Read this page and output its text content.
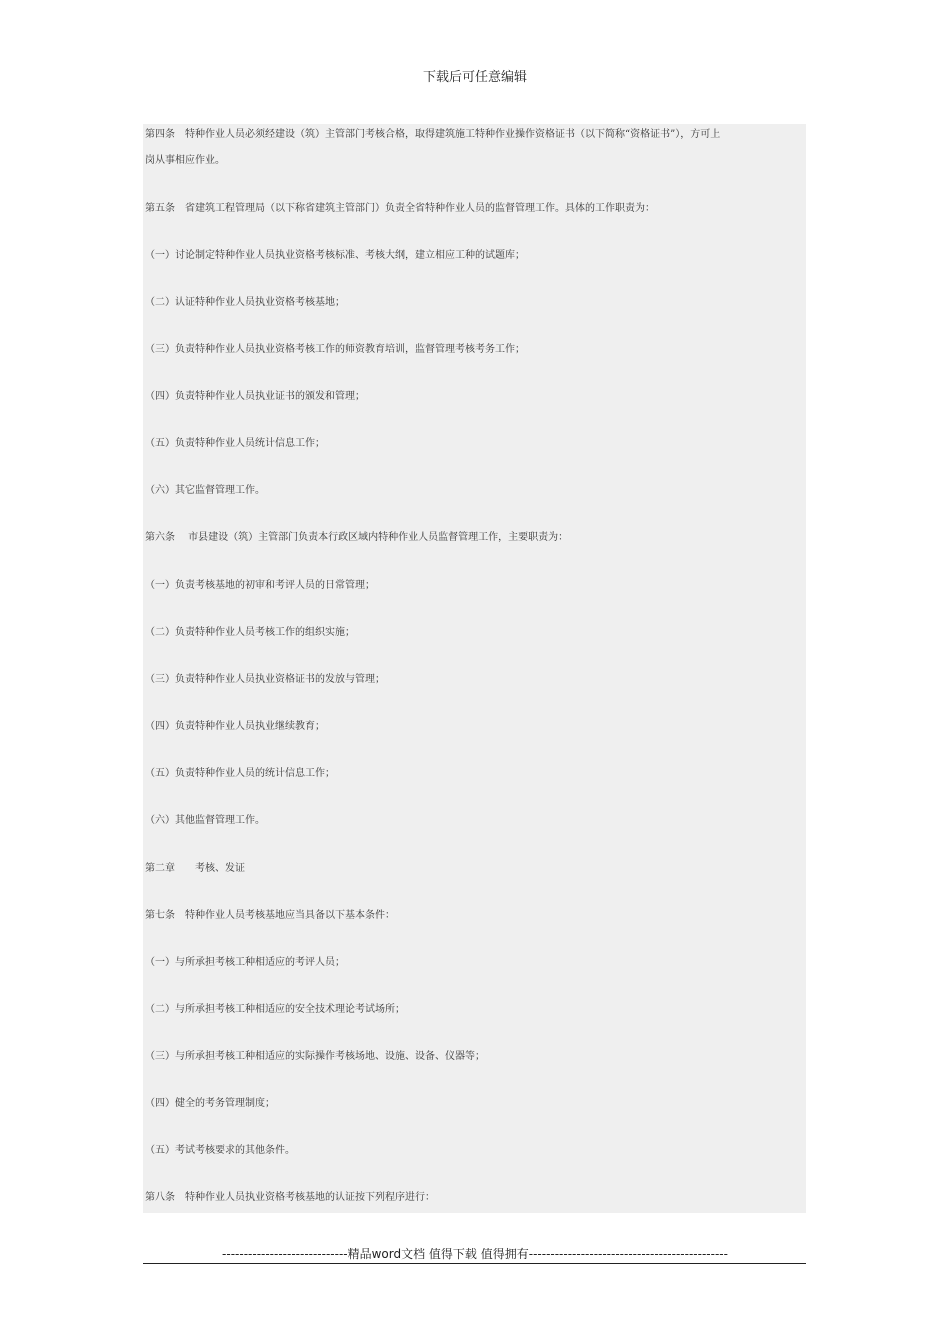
下载后可任意编辑
第四条　特种作业人员必须经建设（筑）主管部门考核合格，取得建筑施工特种作业操作资格证书（以下简称“资格证书”），方可上
岗从事相应作业。
第五条　省建筑工程管理局（以下称省建筑主管部门）负责全省特种作业人员的监督管理工作。具体的工作职责为：
（一）讨论制定特种作业人员执业资格考核标准、考核大纲，建立相应工种的试题库；
（二）认证特种作业人员执业资格考核基地；
（三）负责特种作业人员执业资格考核工作的师资教育培训，监督管理考核考务工作；
（四）负责特种作业人员执业证书的颁发和管理；
（五）负责特种作业人员统计信息工作；
（六）其它监督管理工作。
第六条　 市县建设（筑）主管部门负责本行政区域内特种作业人员监督管理工作，主要职责为：
（一）负责考核基地的初审和考评人员的日常管理；
（二）负责特种作业人员考核工作的组织实施；
（三）负责特种作业人员执业资格证书的发放与管理；
（四）负责特种作业人员执业继续教育；
（五）负责特种作业人员的统计信息工作；
（六）其他监督管理工作。
第二章　　考核、发证
第七条　特种作业人员考核基地应当具备以下基本条件：
（一）与所承担考核工种相适应的考评人员；
（二）与所承担考核工种相适应的安全技术理论考试场所；
（三）与所承担考核工种相适应的实际操作考核场地、设施、设备、仪器等；
（四）健全的考务管理制度；
（五）考试考核要求的其他条件。
第八条　特种作业人员执业资格考核基地的认证按下列程序进行：
-----------------------------精品word文档 值得下载 值得拥有----------------------------------------------
